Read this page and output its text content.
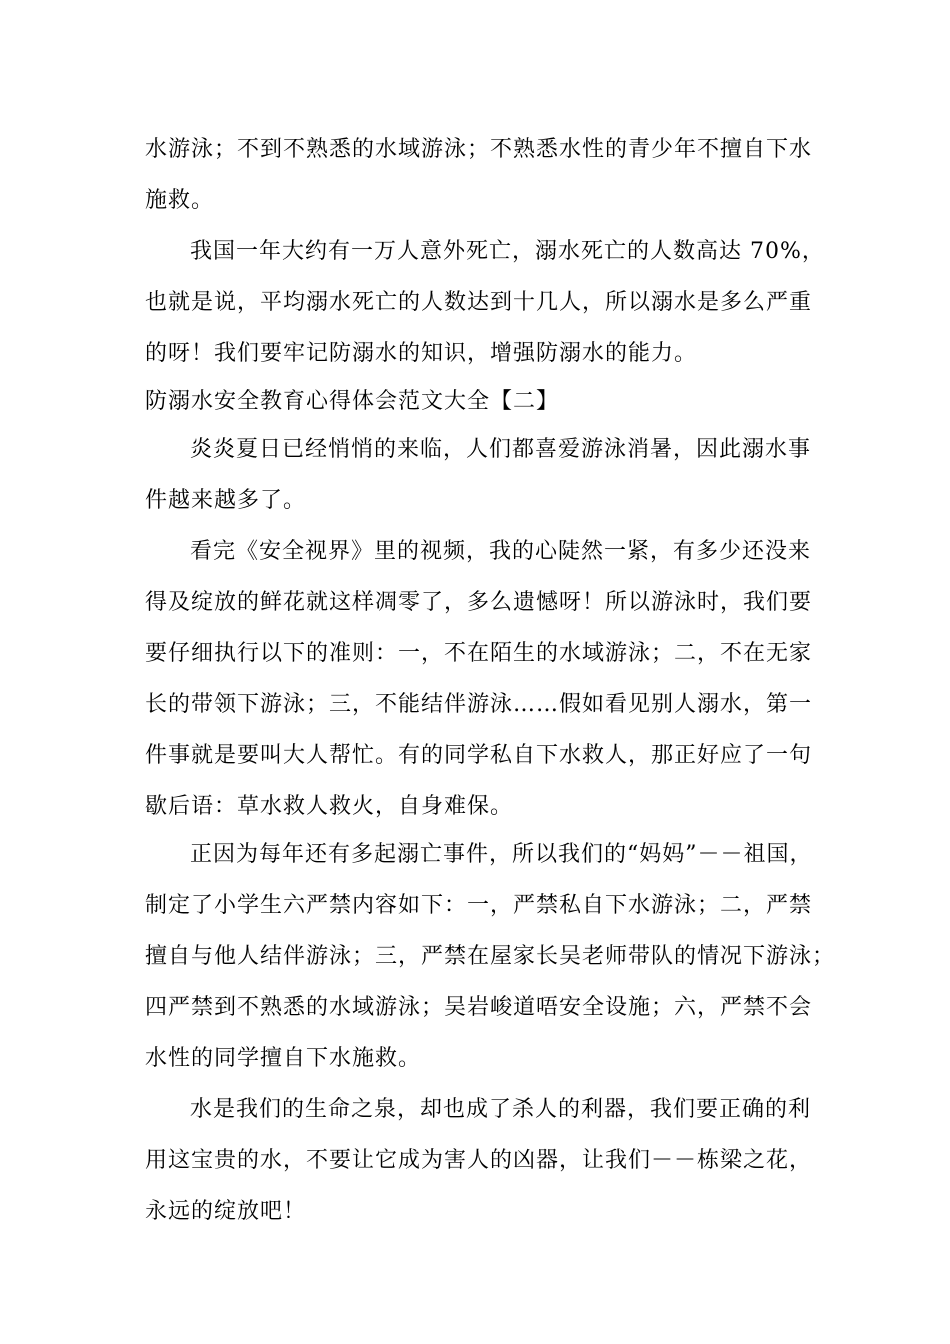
水游泳；不到不熟悉的水域游泳；不熟悉水性的青少年不擅自下水
施救。
我国一年大约有一万人意外死亡，溺水死亡的人数高达 70%，
也就是说，平均溺水死亡的人数达到十几人，所以溺水是多么严重
的呀！我们要牢记防溺水的知识，增强防溺水的能力。
防溺水安全教育心得体会范文大全【二】
炎炎夏日已经悄悄的来临，人们都喜爱游泳消暑，因此溺水事
件越来越多了。
看完《安全视界》里的视频，我的心陡然一紧，有多少还没来
得及绽放的鲜花就这样凋零了，多么遗憾呀！所以游泳时，我们要
要仔细执行以下的准则：一，不在陌生的水域游泳；二，不在无家
长的带领下游泳；三，不能结伴游泳……假如看见别人溺水，第一
件事就是要叫大人帮忙。有的同学私自下水救人，那正好应了一句
歇后语：草水救人救火，自身难保。
正因为每年还有多起溺亡事件，所以我们的“妈妈”－－祖国，
制定了小学生六严禁内容如下：一，严禁私自下水游泳；二，严禁
擅自与他人结伴游泳；三，严禁在屋家长吴老师带队的情况下游泳；
四严禁到不熟悉的水域游泳；吴岩峻道唔安全设施；六，严禁不会
水性的同学擅自下水施救。
水是我们的生命之泉，却也成了杀人的利器，我们要正确的利
用这宝贵的水，不要让它成为害人的凶器，让我们－－栋梁之花，
永远的绽放吧！
